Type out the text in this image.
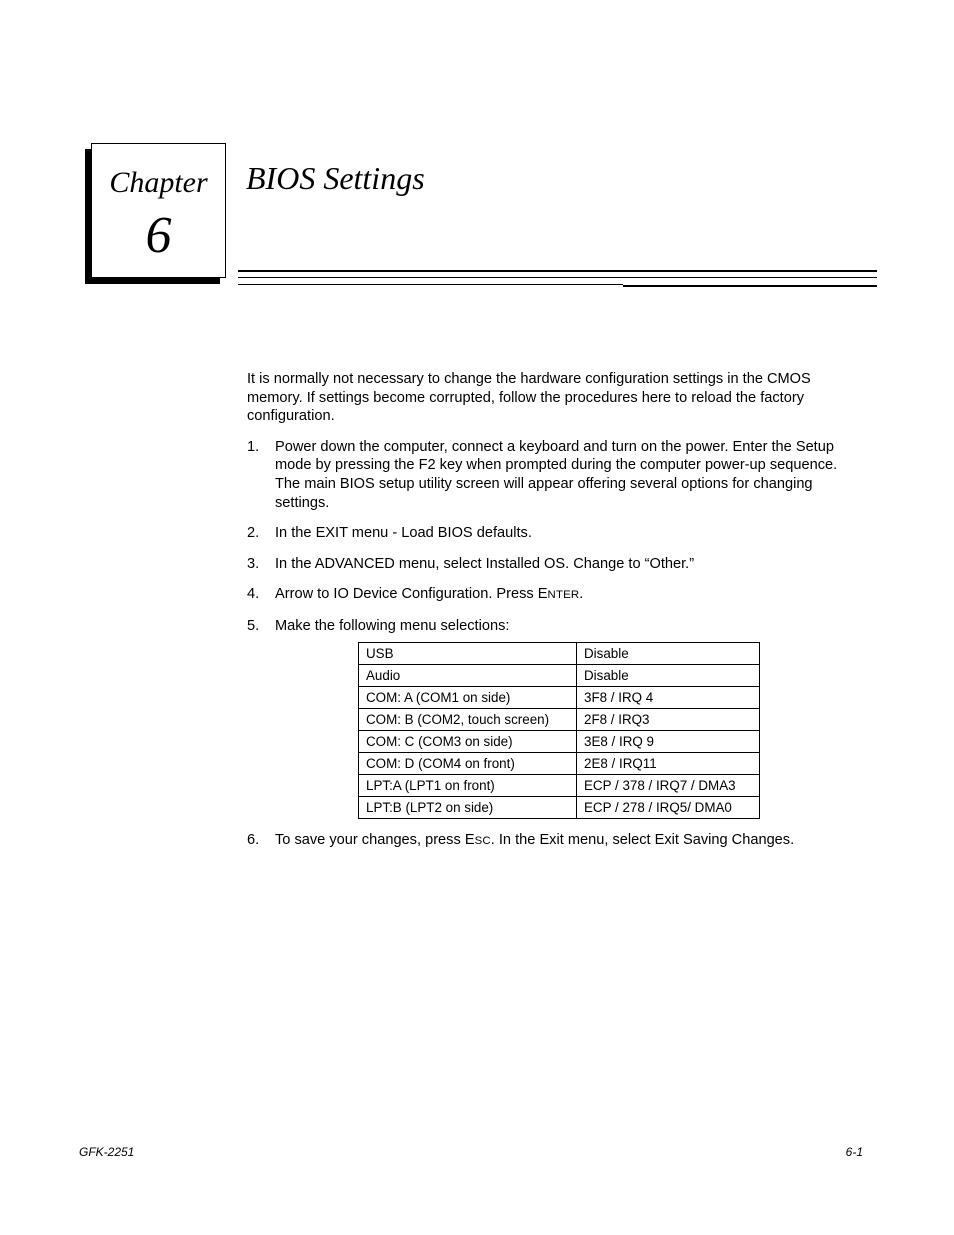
Chapter
6
BIOS Settings

It is normally not necessary to change the hardware configuration settings in the CMOS memory. If settings become corrupted, follow the procedures here to reload the factory configuration.

1. Power down the computer, connect a keyboard and turn on the power. Enter the Setup mode by pressing the F2 key when prompted during the computer power-up sequence. The main BIOS setup utility screen will appear offering several options for changing settings.
2. In the EXIT menu - Load BIOS defaults.
3. In the ADVANCED menu, select Installed OS. Change to “Other.”
4. Arrow to IO Device Configuration. Press ENTER.
5. Make the following menu selections:
USB	Disable
Audio	Disable
COM: A (COM1 on side)	3F8 / IRQ 4
COM: B (COM2, touch screen)	2F8 / IRQ3
COM: C (COM3 on side)	3E8 / IRQ 9
COM: D (COM4 on front)	2E8 / IRQ11
LPT:A (LPT1 on front)	ECP / 378 / IRQ7 / DMA3
LPT:B (LPT2 on side)	ECP / 278 / IRQ5/ DMA0
6. To save your changes, press ESC. In the Exit menu, select Exit Saving Changes.
GFK-2251	6-1
